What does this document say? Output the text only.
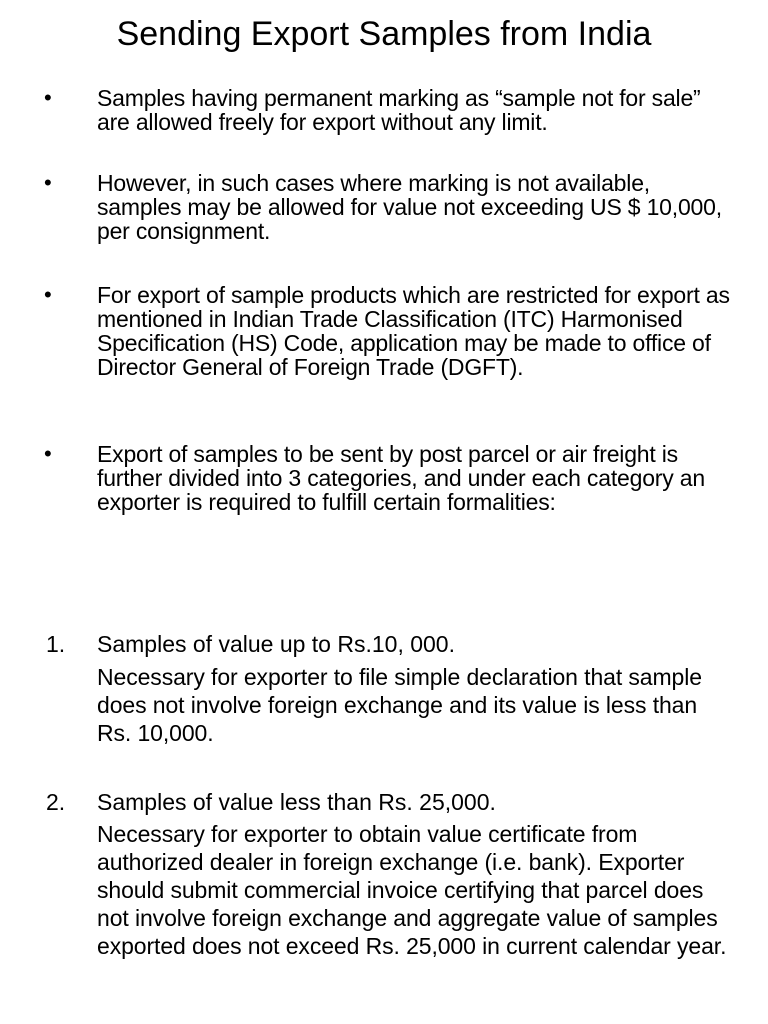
Sending Export Samples from India
• Samples having permanent marking as “sample not for sale” are allowed freely for export without any limit.
• However, in such cases where marking is not available, samples may be allowed for value not exceeding US $ 10,000, per consignment.
• For export of sample products which are restricted for export as mentioned in Indian Trade Classification (ITC) Harmonised Specification (HS) Code, application may be made to office of Director General of Foreign Trade (DGFT).
• Export of samples to be sent by post parcel or air freight is further divided into 3 categories, and under each category an exporter is required to fulfill certain formalities:
1. Samples of value up to Rs.10, 000.
Necessary for exporter to file simple declaration that sample does not involve foreign exchange and its value is less than Rs. 10,000.
2. Samples of value less than Rs. 25,000.
Necessary for exporter to obtain value certificate from authorized dealer in foreign exchange (i.e. bank). Exporter should submit commercial invoice certifying that parcel does not involve foreign exchange and aggregate value of samples exported does not exceed Rs. 25,000 in current calendar year.
